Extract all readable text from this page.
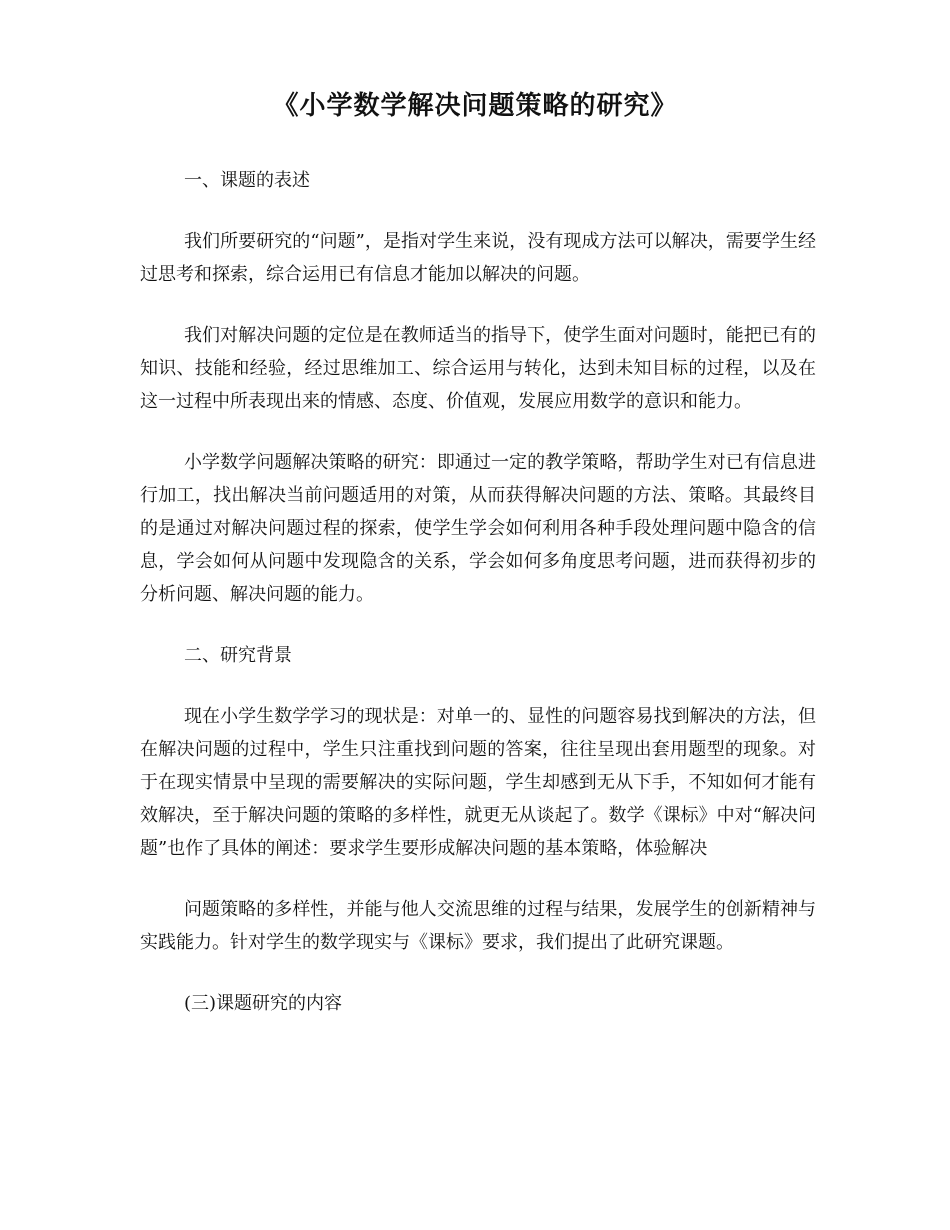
《小学数学解决问题策略的研究》

一、课题的表述

我们所要研究的“问题”，是指对学生来说，没有现成方法可以解决，需要学生经过思考和探索，综合运用已有信息才能加以解决的问题。

我们对解决问题的定位是在教师适当的指导下，使学生面对问题时，能把已有的知识、技能和经验，经过思维加工、综合运用与转化，达到未知目标的过程，以及在这一过程中所表现出来的情感、态度、价值观，发展应用数学的意识和能力。

小学数学问题解决策略的研究：即通过一定的教学策略，帮助学生对已有信息进行加工，找出解决当前问题适用的对策，从而获得解决问题的方法、策略。其最终目的是通过对解决问题过程的探索，使学生学会如何利用各种手段处理问题中隐含的信息，学会如何从问题中发现隐含的关系，学会如何多角度思考问题，进而获得初步的分析问题、解决问题的能力。

二、研究背景

现在小学生数学学习的现状是：对单一的、显性的问题容易找到解决的方法，但在解决问题的过程中，学生只注重找到问题的答案，往往呈现出套用题型的现象。对于在现实情景中呈现的需要解决的实际问题，学生却感到无从下手，不知如何才能有效解决，至于解决问题的策略的多样性，就更无从谈起了。数学《课标》中对“解决问题”也作了具体的阐述：要求学生要形成解决问题的基本策略，体验解决

问题策略的多样性，并能与他人交流思维的过程与结果，发展学生的创新精神与实践能力。针对学生的数学现实与《课标》要求，我们提出了此研究课题。

(三)课题研究的内容
